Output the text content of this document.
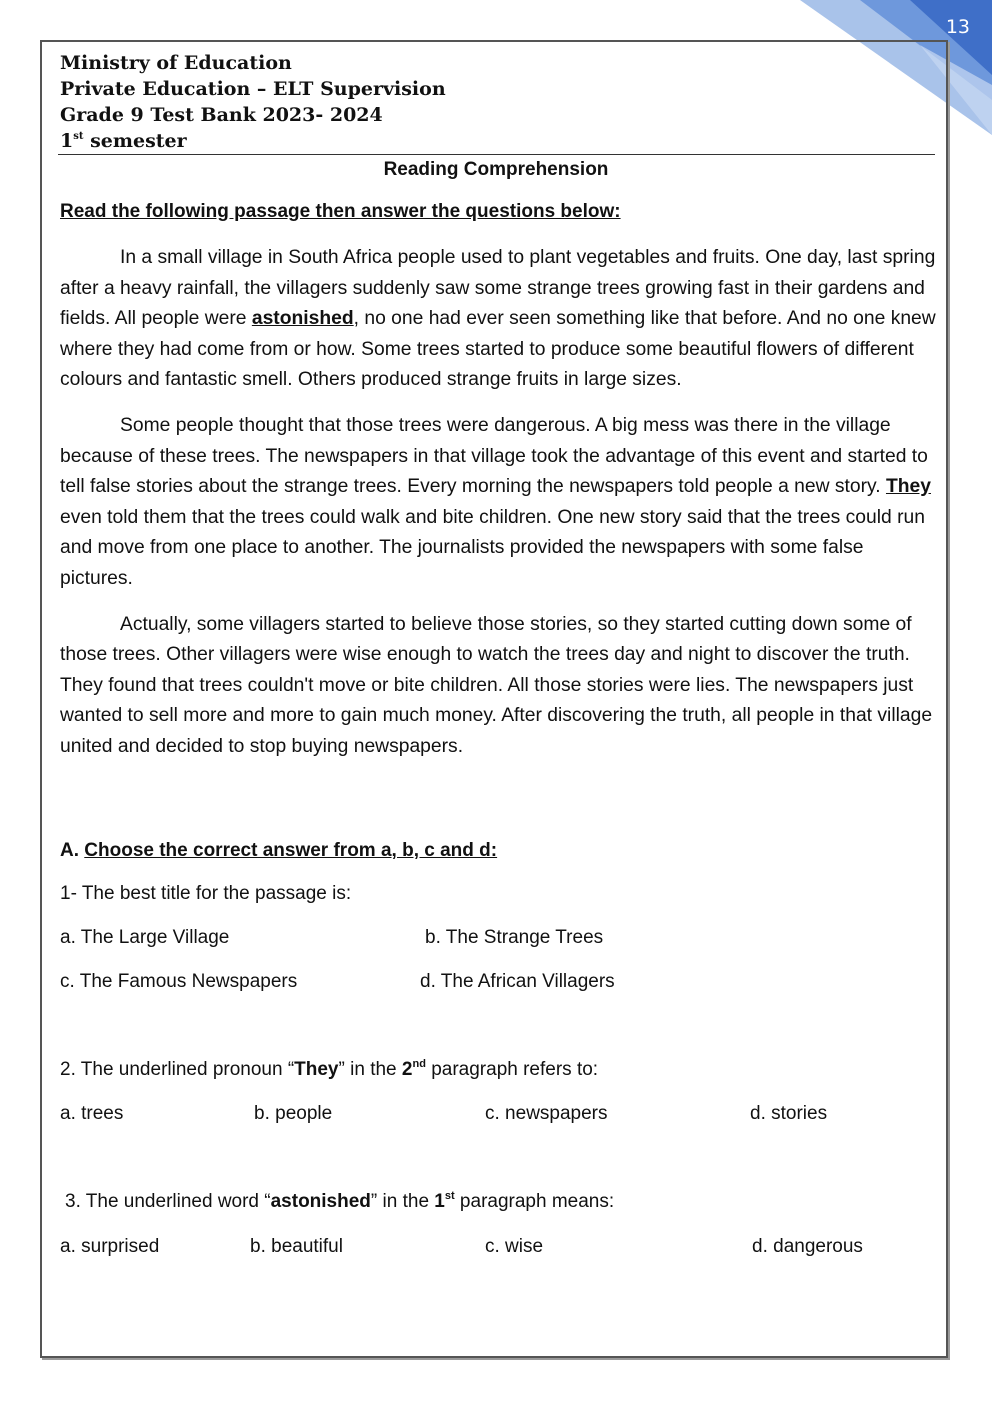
13
Ministry of Education
Private Education – ELT Supervision
Grade 9 Test Bank 2023- 2024
1st semester
Reading Comprehension
Read the following passage then answer the questions below:

In a small village in South Africa people used to plant vegetables and fruits. One day, last spring after a heavy rainfall, the villagers suddenly saw some strange trees growing fast in their gardens and fields. All people were astonished, no one had ever seen something like that before. And no one knew where they had come from or how. Some trees started to produce some beautiful flowers of different colours and fantastic smell. Others produced strange fruits in large sizes.

Some people thought that those trees were dangerous. A big mess was there in the village because of these trees. The newspapers in that village took the advantage of this event and started to tell false stories about the strange trees. Every morning the newspapers told people a new story. They even told them that the trees could walk and bite children. One new story said that the trees could run and move from one place to another. The journalists provided the newspapers with some false pictures.

Actually, some villagers started to believe those stories, so they started cutting down some of those trees. Other villagers were wise enough to watch the trees day and night to discover the truth. They found that trees couldn't move or bite children. All those stories were lies. The newspapers just wanted to sell more and more to gain much money. After discovering the truth, all people in that village united and decided to stop buying newspapers.

A. Choose the correct answer from a, b, c and d:
1- The best title for the passage is:
a. The Large Village	b. The Strange Trees
c. The Famous Newspapers	d. The African Villagers
2. The underlined pronoun “They” in the 2nd paragraph refers to:
a. trees	b. people	c. newspapers	d. stories
3. The underlined word “astonished” in the 1st paragraph means:
a. surprised	b. beautiful	c. wise	d. dangerous
